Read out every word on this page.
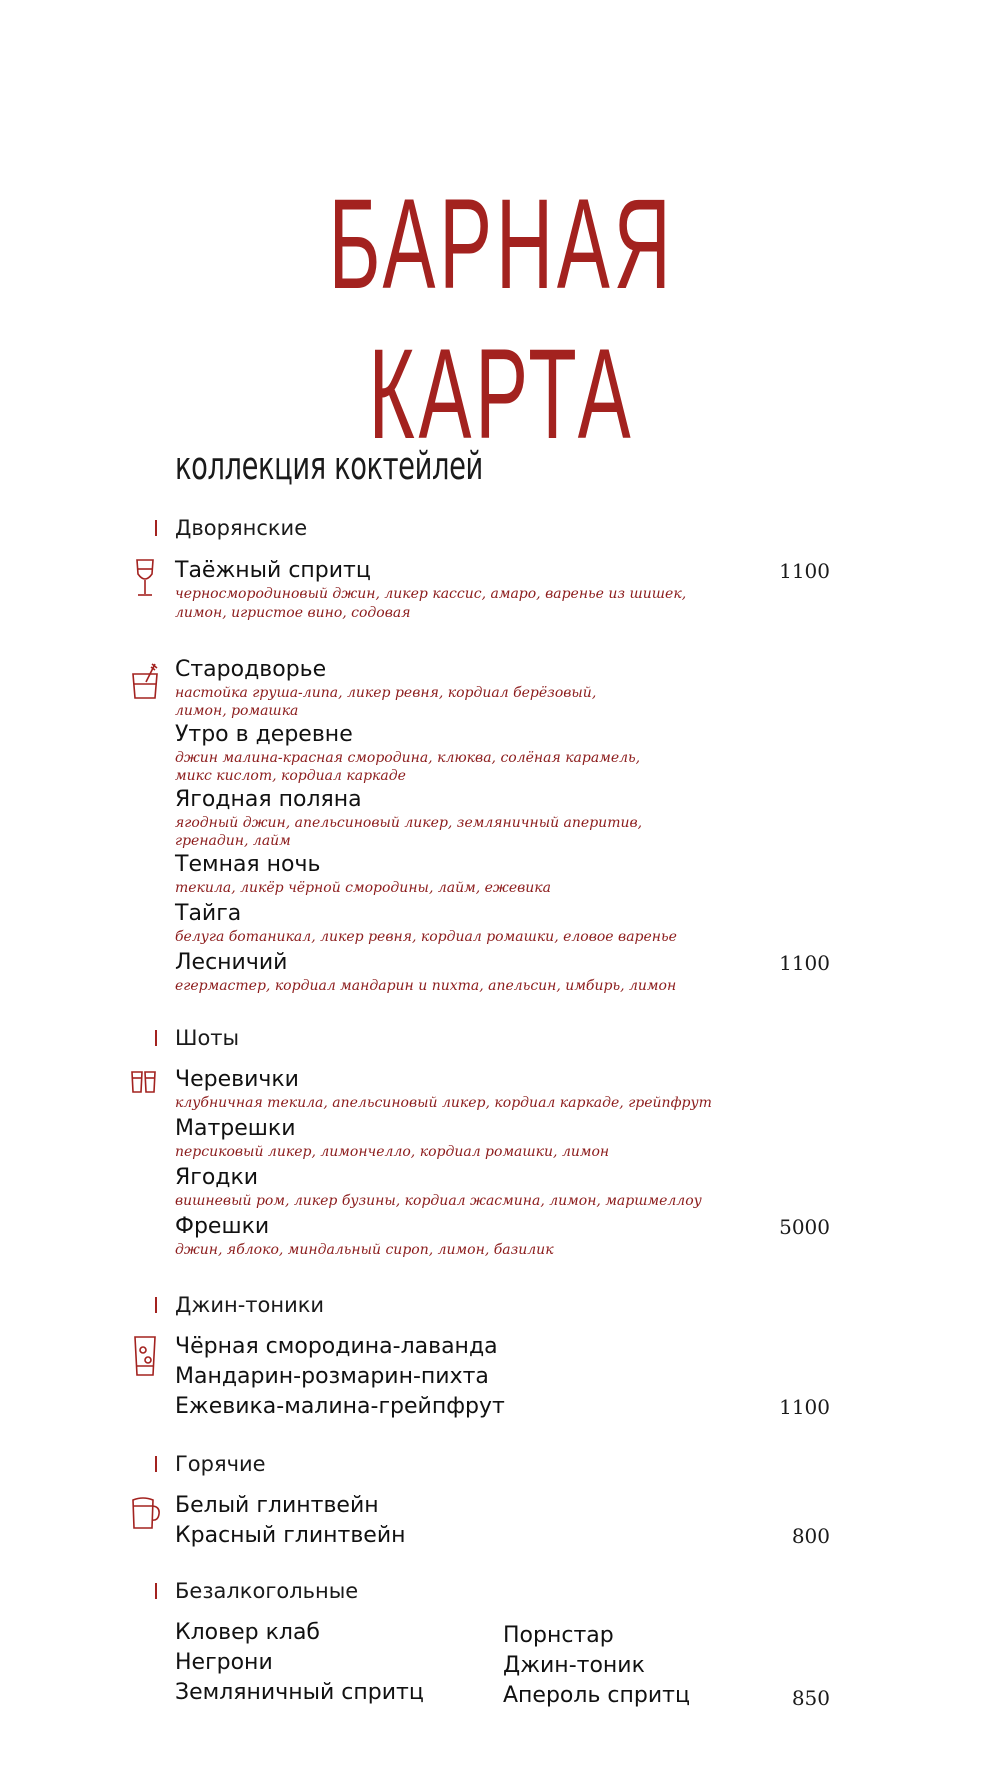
БАРНАЯ КАРТА
коллекция коктейлей
Дворянские
Таёжный спритц
черносмородиновый джин, ликер кассис, амаро, варенье из шишек,
лимон, игристое вино, содовая
1100
Стародворье
настойка груша-липа, ликер ревня, кордиал берёзовый,
лимон, ромашка
Утро в деревне
джин малина-красная смородина, клюква, солёная карамель,
микс кислот, кордиал каркаде
Ягодная поляна
ягодный джин, апельсиновый ликер, земляничный аперитив,
гренадин, лайм
Темная ночь
текила, ликёр чёрной смородины, лайм, ежевика
Тайга
белуга ботаникал, ликер ревня, кордиал ромашки, еловое варенье
Лесничий
егермастер, кордиал мандарин и пихта, апельсин, имбирь, лимон
1100
Шоты
Черевички
клубничная текила, апельсиновый ликер, кордиал каркаде, грейпфрут
Матрешки
персиковый ликер, лимончелло, кордиал ромашки, лимон
Ягодки
вишневый ром, ликер бузины, кордиал жасмина, лимон, маршмеллоу
Фрешки
джин, яблоко, миндальный сироп, лимон, базилик
5000
Джин-тоники
Чёрная смородина-лаванда
Мандарин-розмарин-пихта
Ежевика-малина-грейпфрут	1100
Горячие
Белый глинтвейн
Красный глинтвейн	800
Безалкогольные
Кловер клаб
Негрони
Земляничный спритц
Порнстар
Джин-тоник
Апероль спритц	850
